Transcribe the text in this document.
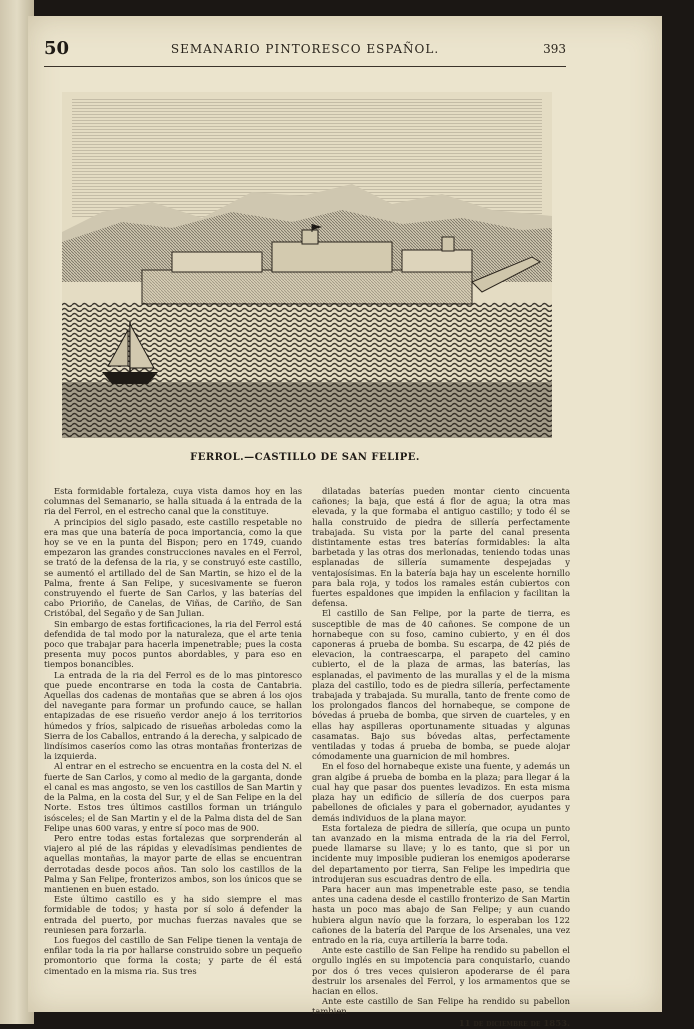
50	SEMANARIO PINTORESCO ESPAÑOL.	393
FERROL.—CASTILLO DE SAN FELIPE.

Esta formidable fortaleza, cuya vista damos hoy en las columnas del Semanario, se halla situada á la entrada de la ria del Ferrol, en el estrecho canal que la constituye.

A principios del siglo pasado, este castillo respetable no era mas que una batería de poca importancia, como la que hoy se ve en la punta del Bispon; pero en 1749, cuando empezaron las grandes construcciones navales en el Ferrol, se trató de la defensa de la ria, y se construyó este castillo, se aumentó el artillado del de San Martin, se hizo el de la Palma, frente á San Felipe, y sucesivamente se fueron construyendo el fuerte de San Carlos, y las baterías del cabo Prioriño, de Canelas, de Viñas, de Cariño, de San Cristóbal, del Segaño y de San Julian.

Sin embargo de estas fortificaciones, la ria del Ferrol está defendida de tal modo por la naturaleza, que el arte tenia poco que trabajar para hacerla impenetrable; pues la costa presenta muy pocos puntos abordables, y para eso en tiempos bonancibles.

La entrada de la ria del Ferrol es de lo mas pintoresco que puede encontrarse en toda la costa de Cantabria. Aquellas dos cadenas de montañas que se abren á los ojos del navegante para formar un profundo cauce, se hallan entapizadas de ese risueño verdor anejo á los territorios húmedos y fríos, salpicado de risueñas arboledas como la Sierra de los Caballos, entrando á la derecha, y salpicado de lindísimos caseríos como las otras montañas fronterizas de la izquierda.

Al entrar en el estrecho se encuentra en la costa del N. el fuerte de San Carlos, y como al medio de la garganta, donde el canal es mas angosto, se ven los castillos de San Martin y de la Palma, en la costa del Sur, y el de San Felipe en la del Norte. Estos tres últimos castillos forman un triángulo isósceles; el de San Martin y el de la Palma dista del de San Felipe unas 600 varas, y entre sí poco mas de 900.

Pero entre todas estas fortalezas que sorprenderán al viajero al pié de las rápidas y elevadísimas pendientes de aquellas montañas, la mayor parte de ellas se encuentran derrotadas desde pocos años. Tan solo los castillos de la Palma y San Felipe, fronterizos ambos, son los únicos que se mantienen en buen estado.

Este último castillo es y ha sido siempre el mas formidable de todos; y hasta por sí solo á defender la entrada del puerto, por muchas fuerzas navales que se reuniesen para forzarla.

Los fuegos del castillo de San Felipe tienen la ventaja de enfilar toda la ria por hallarse construido sobre un pequeño promontorio que forma la costa; y parte de él está cimentado en la misma ria. Sus tres

dilatadas baterías pueden montar ciento cincuenta cañones; la baja, que está á flor de agua; la otra mas elevada, y la que formaba el antiguo castillo; y todo él se halla construido de piedra de sillería perfectamente trabajada. Su vista por la parte del canal presenta distintamente estas tres baterías formidables: la alta barbetada y las otras dos merlonadas, teniendo todas unas esplanadas de sillería sumamente despejadas y ventajosísimas. En la batería baja hay un escelente hornillo para bala roja, y todos los ramales están cubiertos con fuertes espaldones que impiden la enfilacion y facilitan la defensa.

El castillo de San Felipe, por la parte de tierra, es susceptible de mas de 40 cañones. Se compone de un hornabeque con su foso, camino cubierto, y en él dos caponeras á prueba de bomba. Su escarpa, de 42 piés de elevacion, la contraescarpa, el parapeto del camino cubierto, el de la plaza de armas, las baterías, las esplanadas, el pavimento de las murallas y el de la misma plaza del castillo, todo es de piedra sillería, perfectamente trabajada y trabajada. Su muralla, tanto de frente como de los prolongados flancos del hornabeque, se compone de bóvedas á prueba de bomba, que sirven de cuarteles, y en ellas hay aspilleras oportunamente situadas y algunas casamatas. Bajo sus bóvedas altas, perfectamente ventiladas y todas á prueba de bomba, se puede alojar cómodamente una guarnicion de mil hombres.

En el foso del hornabeque existe una fuente, y además un gran algibe á prueba de bomba en la plaza; para llegar á la cual hay que pasar dos puentes levadizos. En esta misma plaza hay un edificio de sillería de dos cuerpos para pabellones de oficiales y para el gobernador, ayudantes y demás individuos de la plana mayor.

Esta fortaleza de piedra de sillería, que ocupa un punto tan avanzado en la misma entrada de la ria del Ferrol, puede llamarse su llave; y lo es tanto, que si por un incidente muy imposible pudieran los enemigos apoderarse del departamento por tierra, San Felipe les impediria que introdujeran sus escuadras dentro de ella.

Para hacer aun mas impenetrable este paso, se tendia antes una cadena desde el castillo fronterizo de San Martin hasta un poco mas abajo de San Felipe; y aun cuando hubiera algun navío que la forzara, lo esperaban los 122 cañones de la batería del Parque de los Arsenales, una vez entrado en la ria, cuya artillería la barre toda.

Ante este castillo de San Felipe ha rendido su pabellon el orgullo inglés en su impotencia para conquistarlo, cuando por dos ó tres veces quisieron apoderarse de él para destruir los arsenales del Ferrol, y los armamentos que se hacian en ellos.

Ante este castillo de San Felipe ha rendido su pabellon tambien

11 de diciembre de 1853.
